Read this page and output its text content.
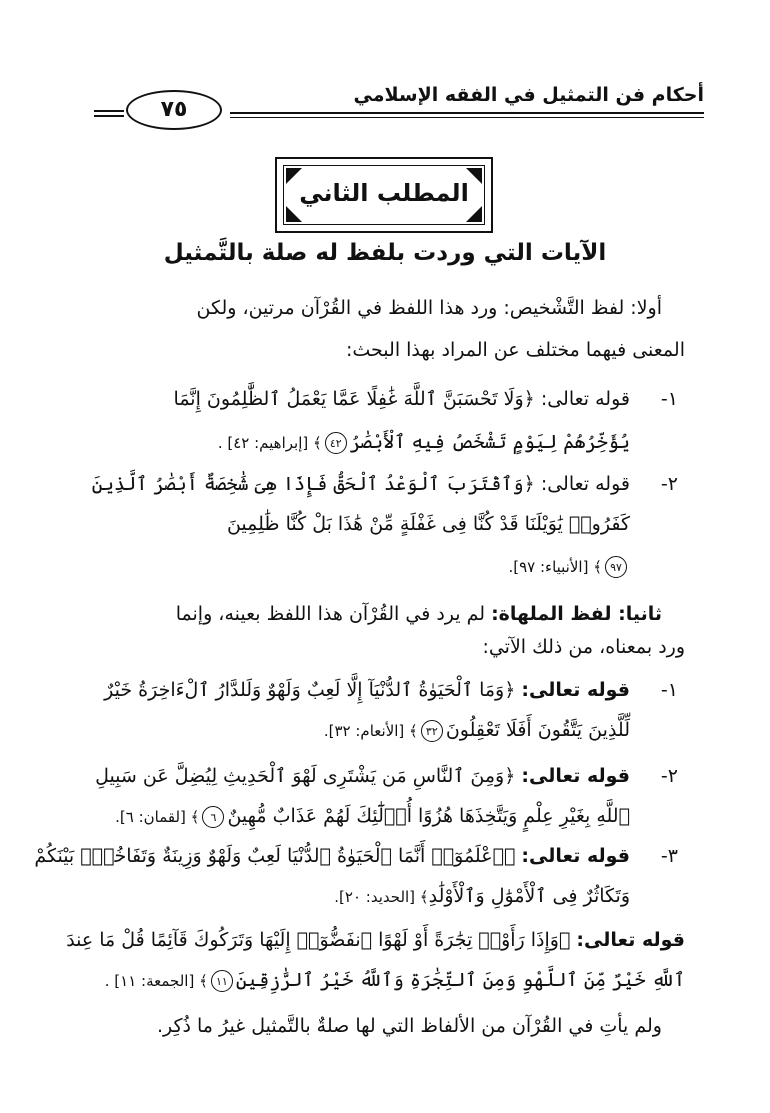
أحكام فن التمثيل في الفقه الإسلامي
٧٥
المطلب الثاني
الآيات التي وردت بلفظ له صلة بالتَّمثيل
أولا: لفظ التَّشْخيص: ورد هذا اللفظ في القُرْآن مرتين، ولكن
المعنى فيهما مختلف عن المراد بهذا البحث:
١-
قوله تعالى: ﴿وَلَا تَحْسَبَنَّ ٱللَّهَ غَٰفِلًا عَمَّا يَعْمَلُ ٱلظَّٰلِمُونَ إِنَّمَا
يُؤَخِّرُهُمْ لِيَوْمٍ تَشْخَصُ فِيهِ ٱلْأَبْصَٰرُ٤٢﴾ [إبراهيم: ٤٢] .
٢-
قوله تعالى: ﴿وَٱقْتَرَبَ ٱلْوَعْدُ ٱلْحَقُّ فَإِذَا هِىَ شَٰخِصَةٌ أَبْصَٰرُ ٱلَّذِينَ
كَفَرُوا۟ يَٰوَيْلَنَا قَدْ كُنَّا فِى غَفْلَةٍ مِّنْ هَٰذَا بَلْ كُنَّا ظَٰلِمِينَ
٩٧﴾ [الأنبياء: ٩٧].
ثانيا: لفظ الملهاة: لم يرد في القُرْآن هذا اللفظ بعينه، وإنما
ورد بمعناه، من ذلك الآتي:
١-
قوله تعالى: ﴿وَمَا ٱلْحَيَوٰةُ ٱلدُّنْيَآ إِلَّا لَعِبٌ وَلَهْوٌ وَلَلدَّارُ ٱلْءَاخِرَةُ خَيْرٌ
لِّلَّذِينَ يَتَّقُونَ أَفَلَا تَعْقِلُونَ٣٢﴾ [الأنعام: ٣٢].
٢-
قوله تعالى: ﴿وَمِنَ ٱلنَّاسِ مَن يَشْتَرِى لَهْوَ ٱلْحَدِيثِ لِيُضِلَّ عَن سَبِيلِ
ٱللَّهِ بِغَيْرِ عِلْمٍ وَيَتَّخِذَهَا هُزُوًا أُو۟لَٰٓئِكَ لَهُمْ عَذَابٌ مُّهِينٌ٦﴾ [لقمان: ٦].
٣-
قوله تعالى: ﴿ٱعْلَمُوٓا۟ أَنَّمَا ٱلْحَيَوٰةُ ٱلدُّنْيَا لَعِبٌ وَلَهْوٌ وَزِينَةٌ وَتَفَاخُرٌۢ بَيْنَكُمْ
وَتَكَاثُرٌ فِى ٱلْأَمْوَٰلِ وَٱلْأَوْلَٰدِ﴾ [الحديد: ٢٠].
قوله تعالى: ﴿وَإِذَا رَأَوْا۟ تِجَٰرَةً أَوْ لَهْوًا ٱنفَضُّوٓا۟ إِلَيْهَا وَتَرَكُوكَ قَآئِمًا قُلْ مَا عِندَ
ٱللَّهِ خَيْرٌ مِّنَ ٱللَّهْوِ وَمِنَ ٱلتِّجَٰرَةِ وَٱللَّهُ خَيْرُ ٱلرَّٰزِقِينَ١١﴾ [الجمعة: ١١] .
ولم يأتِ في القُرْآن من الألفاظ التي لها صلةٌ بالتَّمثيل غيرُ ما ذُكِر.
